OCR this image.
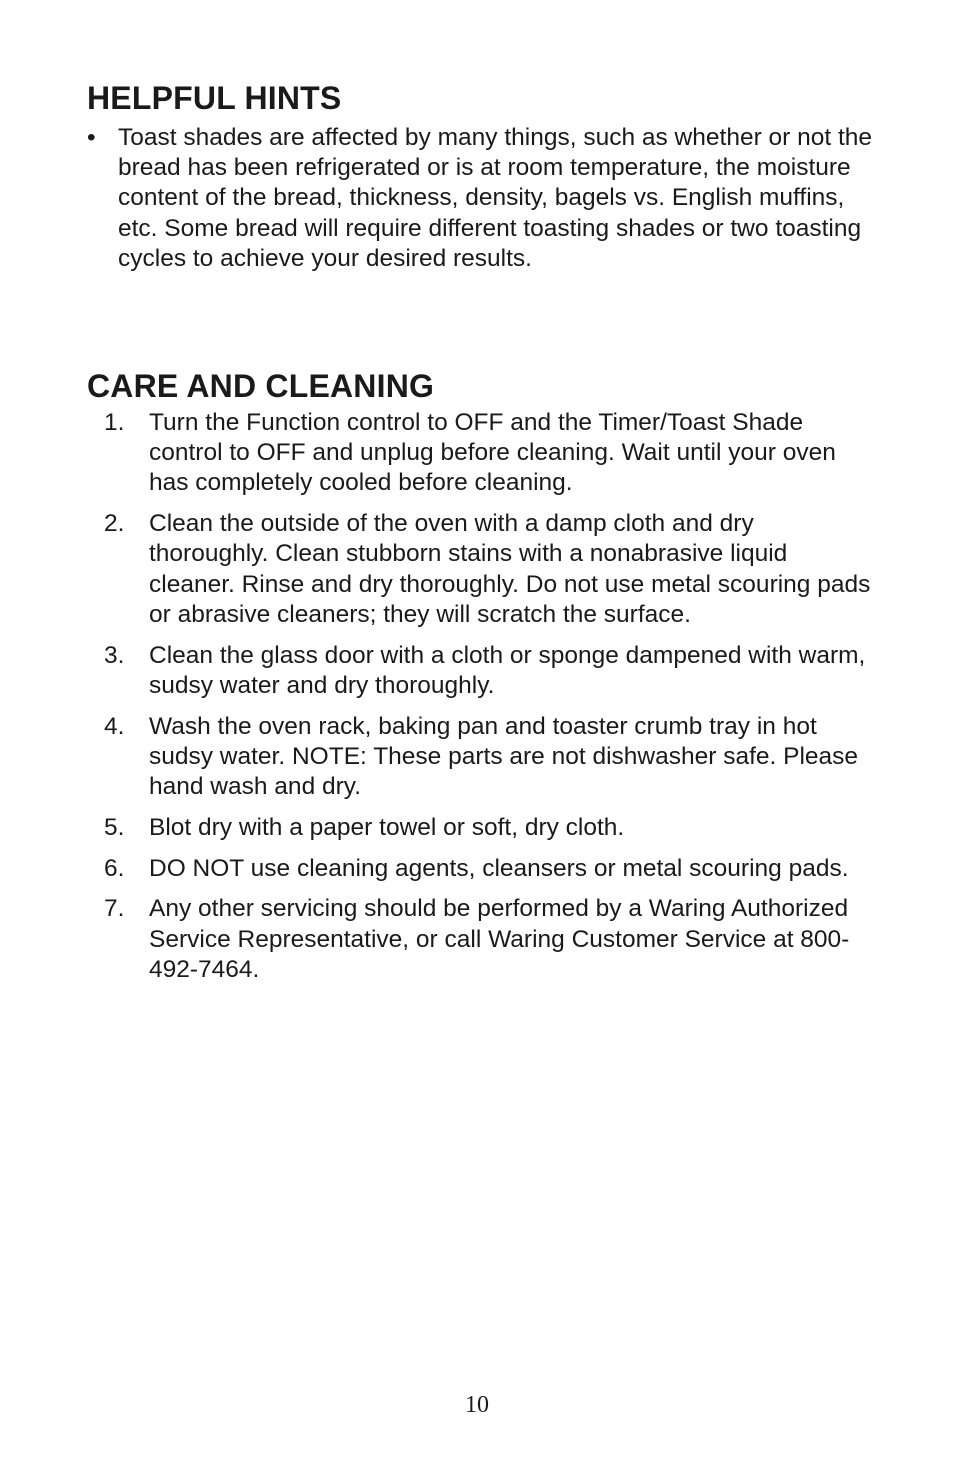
HELPFUL HINTS
• Toast shades are affected by many things, such as whether or not the bread has been refrigerated or is at room temperature, the moisture content of the bread, thickness, density, bagels vs. English muffins, etc. Some bread will require different toasting shades or two toasting cycles to achieve your desired results.
CARE AND CLEANING
1. Turn the Function control to OFF and the Timer/Toast Shade control to OFF and unplug before cleaning. Wait until your oven has completely cooled before cleaning.
2. Clean the outside of the oven with a damp cloth and dry thoroughly. Clean stubborn stains with a nonabrasive liquid cleaner. Rinse and dry thoroughly. Do not use metal scouring pads or abrasive cleaners; they will scratch the surface.
3. Clean the glass door with a cloth or sponge dampened with warm, sudsy water and dry thoroughly.
4. Wash the oven rack, baking pan and toaster crumb tray in hot sudsy water. NOTE: These parts are not dishwasher safe. Please hand wash and dry.
5. Blot dry with a paper towel or soft, dry cloth.
6. DO NOT use cleaning agents, cleansers or metal scouring pads.
7. Any other servicing should be performed by a Waring Authorized Service Representative, or call Waring Customer Service at 800-492-7464.
10
